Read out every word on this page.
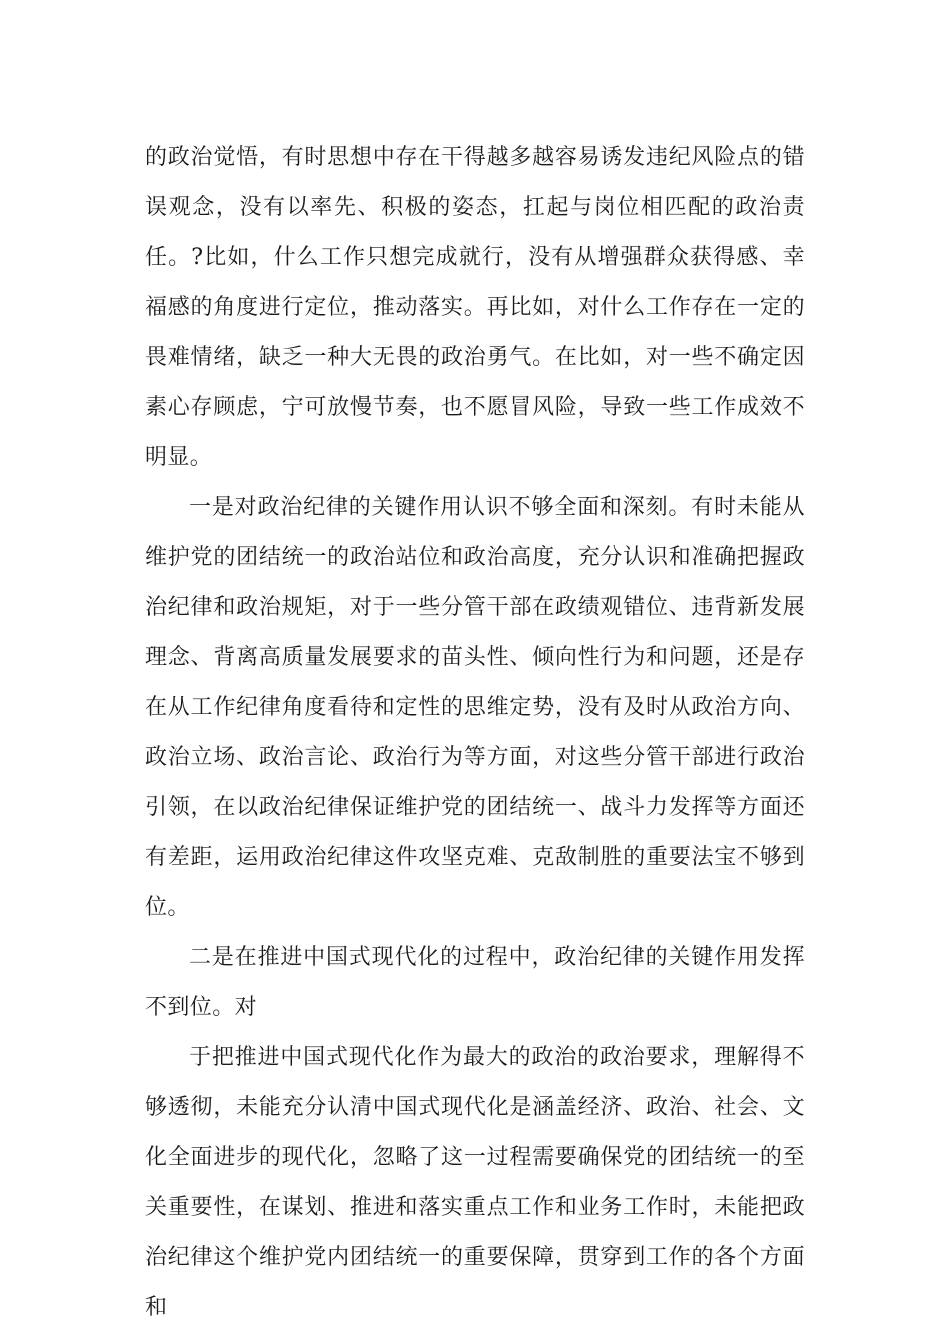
的政治觉悟，有时思想中存在干得越多越容易诱发违纪风险点的错误观念，没有以率先、积极的姿态，扛起与岗位相匹配的政治责任。?比如，什么工作只想完成就行，没有从增强群众获得感、幸福感的角度进行定位，推动落实。再比如，对什么工作存在一定的畏难情绪，缺乏一种大无畏的政治勇气。在比如，对一些不确定因素心存顾虑，宁可放慢节奏，也不愿冒风险，导致一些工作成效不明显。

一是对政治纪律的关键作用认识不够全面和深刻。有时未能从维护党的团结统一的政治站位和政治高度，充分认识和准确把握政治纪律和政治规矩，对于一些分管干部在政绩观错位、违背新发展理念、背离高质量发展要求的苗头性、倾向性行为和问题，还是存在从工作纪律角度看待和定性的思维定势，没有及时从政治方向、政治立场、政治言论、政治行为等方面，对这些分管干部进行政治引领，在以政治纪律保证维护党的团结统一、战斗力发挥等方面还有差距，运用政治纪律这件攻坚克难、克敌制胜的重要法宝不够到位。

二是在推进中国式现代化的过程中，政治纪律的关键作用发挥不到位。对

于把推进中国式现代化作为最大的政治的政治要求，理解得不够透彻，未能充分认清中国式现代化是涵盖经济、政治、社会、文化全面进步的现代化，忽略了这一过程需要确保党的团结统一的至关重要性，在谋划、推进和落实重点工作和业务工作时，未能把政治纪律这个维护党内团结统一的重要保障，贯穿到工作的各个方面和
